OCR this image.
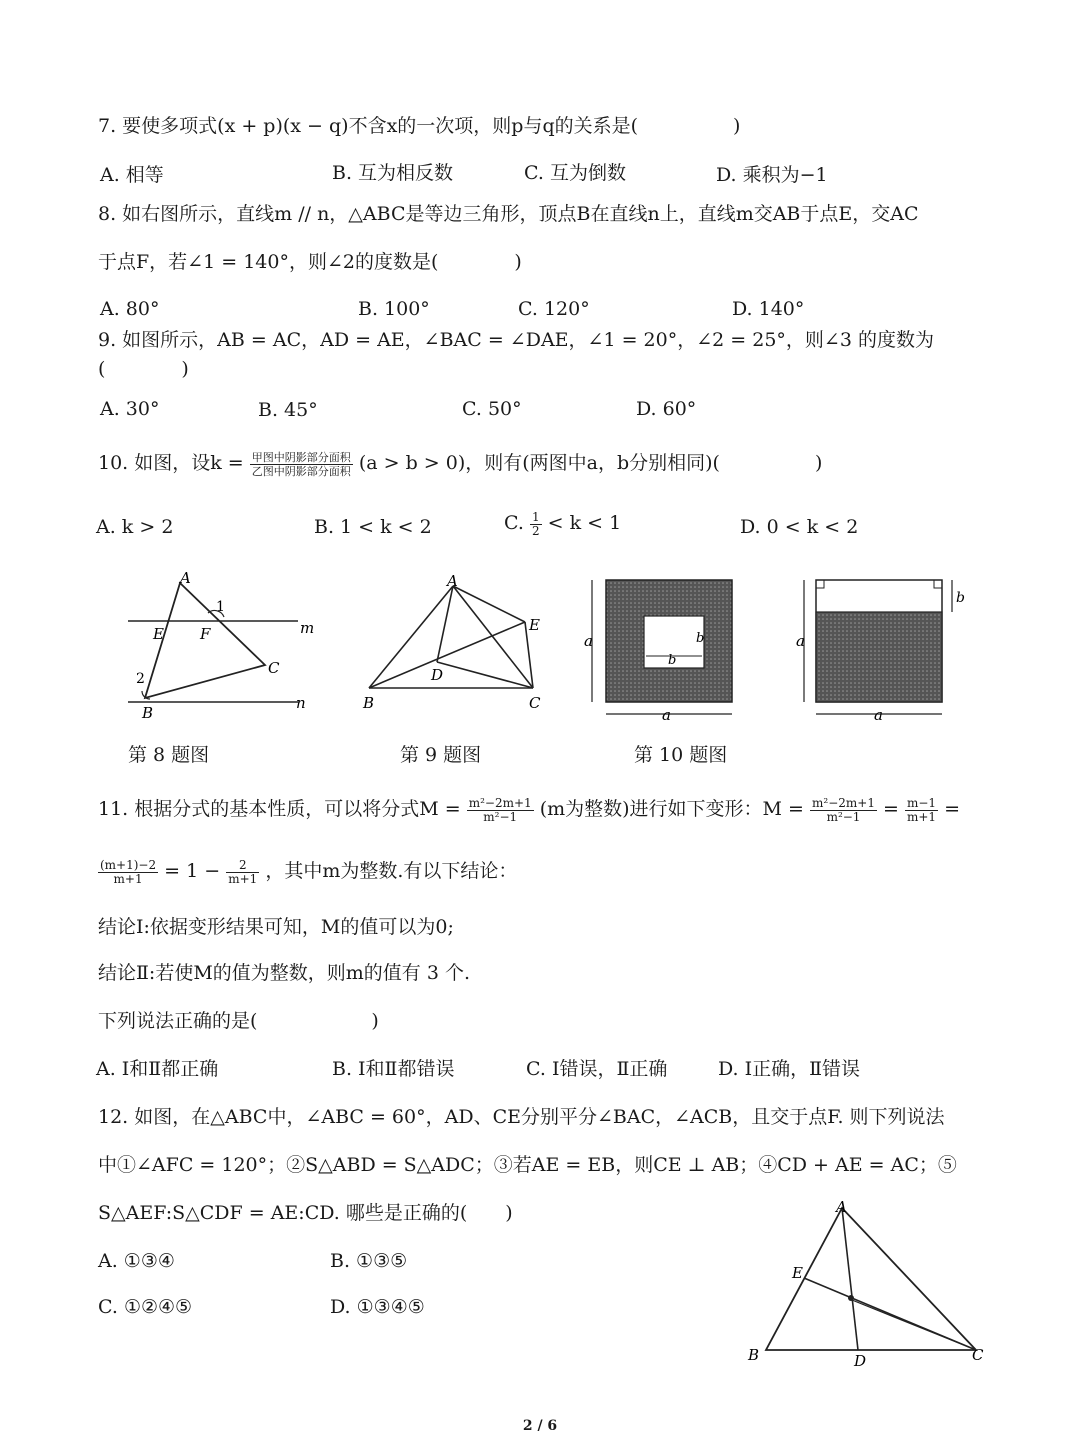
7. 要使多项式(x + p)(x − q)不含x的一次项，则p与q的关系是(　　　　　)
A. 相等	B. 互为相反数	C. 互为倒数	D. 乘积为−1
8. 如右图所示，直线m // n，△ABC是等边三角形，顶点B在直线n上，直线m交AB于点E，交AC
于点F，若∠1 = 140°，则∠2的度数是(　　　　)
A. 80°	B. 100°	C. 120°	D. 140°
9. 如图所示，AB = AC，AD = AE，∠BAC = ∠DAE，∠1 = 20°，∠2 = 25°，则∠3 的度数为
(　　　　)
A. 30°	B. 45°	C. 50°	D. 60°
10. 如图，设$k = \frac{\text{甲图中阴影部分面积}}{\text{乙图中阴影部分面积}} (a > b > 0)$，则有(两图中a，b分别相同)(　　　　　)
A. k > 2	B. 1 < k < 2	C. $\frac{1}{2} < k < 1$	D. 0 < k < 2
A
B
C
E F	m
n
1
2
A
B	C
D
E
a
a
b
b
a
a
b
第 8 题图	第 9 题图	第 10 题图
11. 根据分式的基本性质，可以将分式$M = \frac{\text{m²−2m+1}}{\text{m²−1}} (m$为整数)进行如下变形：$M = \frac{\text{m²−2m+1}}{\text{m²−1}} = \frac{m-1}{m+1}$ =
$\frac{(m+1)-2}{m+1} = 1 - \frac{2}{m+1}$ ，其中m为整数.有以下结论：
结论Ⅰ:依据变形结果可知，M的值可以为0;
结论Ⅱ:若使M的值为整数，则m的值有 3 个.
下列说法正确的是(　　　　　　)
A. Ⅰ和Ⅱ都正确	B. Ⅰ和Ⅱ都错误	C. Ⅰ错误，Ⅱ正确	D. Ⅰ正确，Ⅱ错误
12. 如图，在△ABC中，∠ABC = 60°，AD、CE分别平分∠BAC，∠ACB，且交于点F. 则下列说法
中①∠AFC = 120°；②S△ABD = S△ADC；③若AE = EB，则CE ⊥ AB；④CD + AE = AC；⑤
S△AEF:S△CDF = AE:CD. 哪些是正确的(　　)
A. ①③④	B. ①③⑤
C. ①②④⑤	D. ①③④⑤
A
B	C
D
E
2 / 6
